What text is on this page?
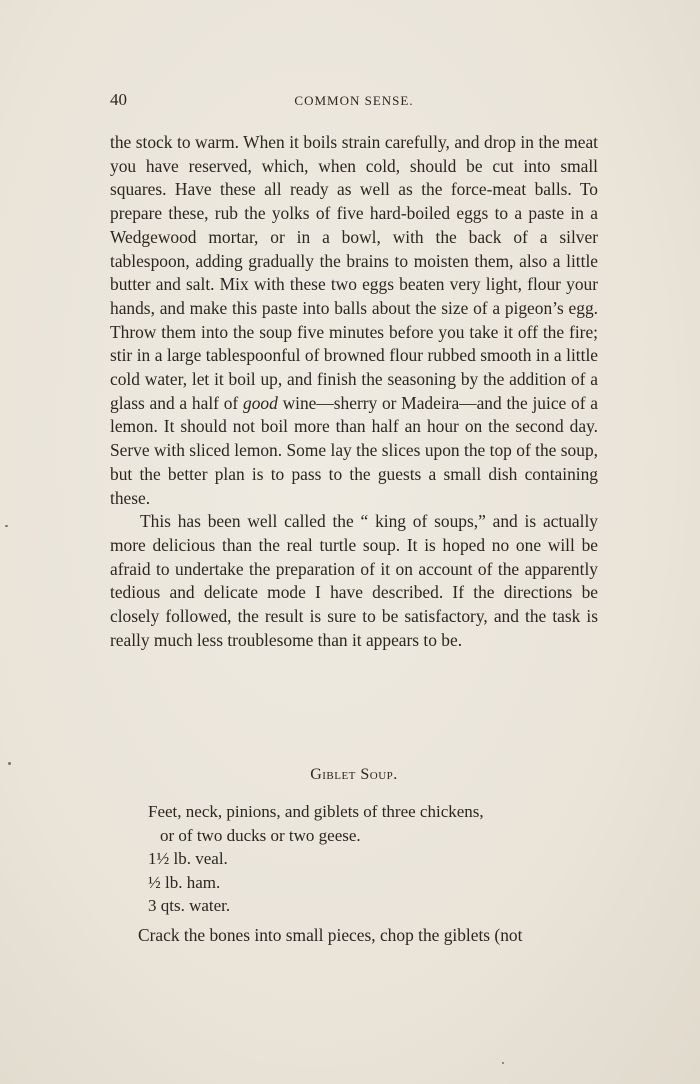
40	COMMON SENSE.

the stock to warm. When it boils strain carefully, and drop in the meat you have reserved, which, when cold, should be cut into small squares. Have these all ready as well as the force-meat balls. To prepare these, rub the yolks of five hard-boiled eggs to a paste in a Wedgewood mortar, or in a bowl, with the back of a silver tablespoon, adding gradually the brains to moisten them, also a little butter and salt. Mix with these two eggs beaten very light, flour your hands, and make this paste into balls about the size of a pigeon’s egg. Throw them into the soup five minutes before you take it off the fire; stir in a large tablespoonful of browned flour rubbed smooth in a little cold water, let it boil up, and finish the seasoning by the addition of a glass and a half of good wine—sherry or Madeira—and the juice of a lemon. It should not boil more than half an hour on the second day. Serve with sliced lemon. Some lay the slices upon the top of the soup, but the better plan is to pass to the guests a small dish containing these.

This has been well called the “ king of soups,” and is actually more delicious than the real turtle soup. It is hoped no one will be afraid to undertake the preparation of it on account of the apparently tedious and delicate mode I have described. If the directions be closely followed, the result is sure to be satisfactory, and the task is really much less troublesome than it appears to be.

Giblet Soup.
Feet, neck, pinions, and giblets of three chickens,
or of two ducks or two geese.
1½ lb. veal.
½ lb. ham.
3 qts. water.
Crack the bones into small pieces, chop the giblets (not
